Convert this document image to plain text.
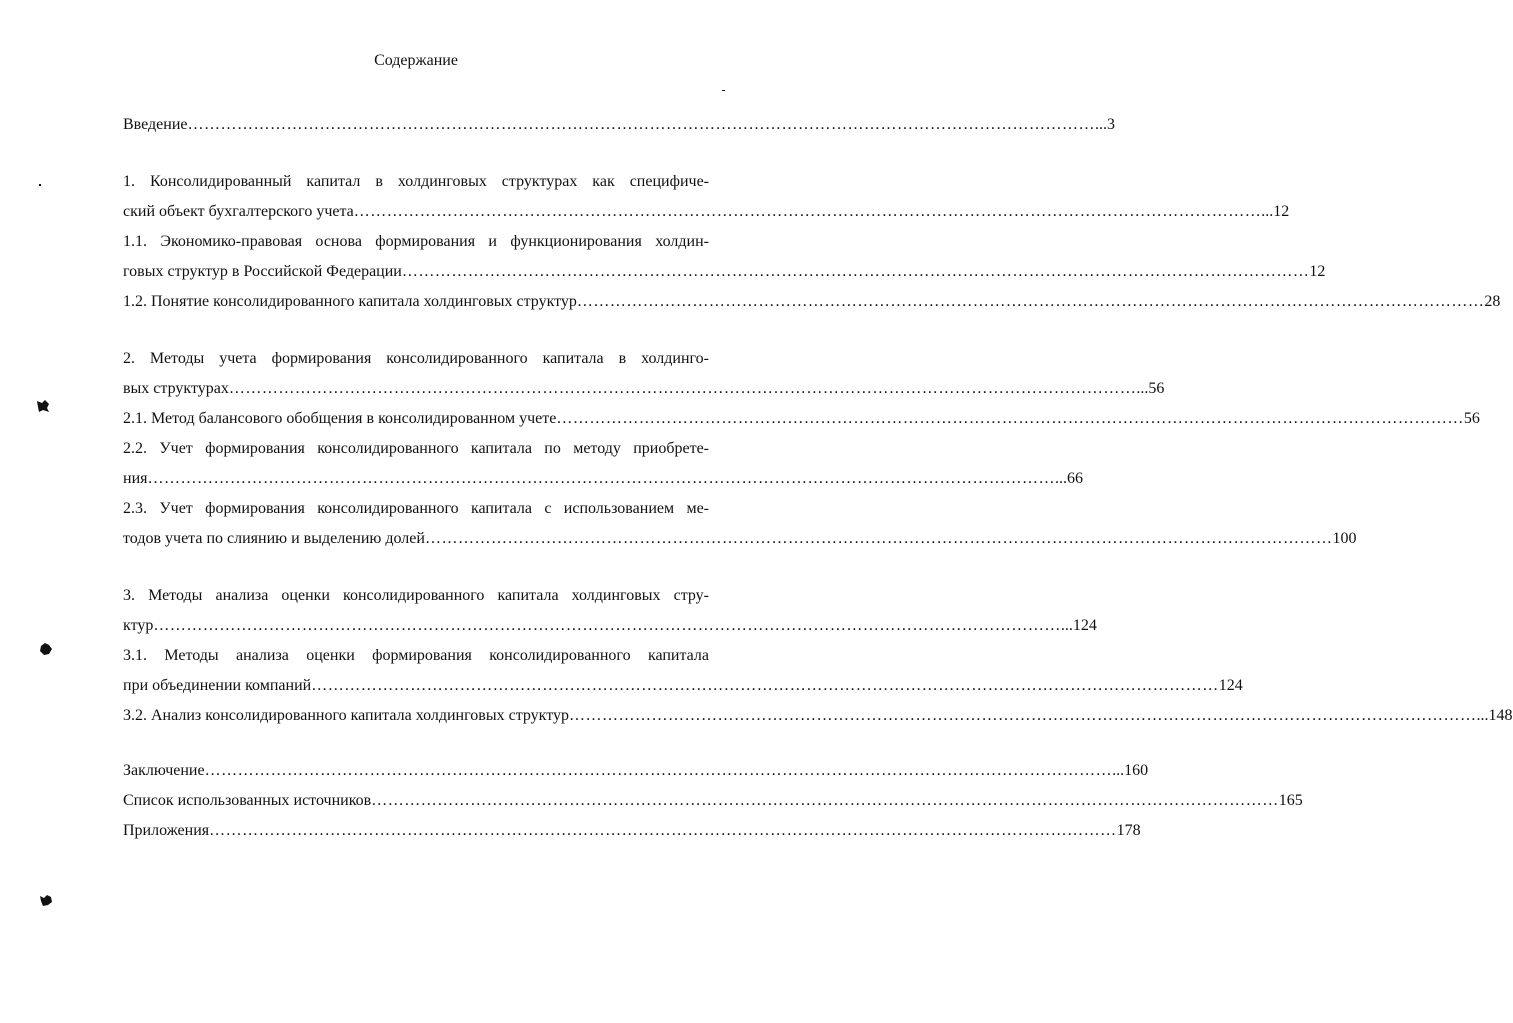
Содержание
Введение ………………………………………………………………………………………………………………………………………………… ...3
1. Консолидированный капитал в холдинговых структурах как специфиче-
ский объект бухгалтерского учета ………………………………………………………………………………………………………………………………………………… ...12
1.1. Экономико-правовая основа формирования и функционирования холдин-
говых структур в Российской Федерации ………………………………………………………………………………………………………………………………………………… 12
1.2. Понятие консолидированного капитала холдинговых структур ………………………………………………………………………………………………………………………………………………… 28
2. Методы учета формирования консолидированного капитала в холдинго-
вых структурах ………………………………………………………………………………………………………………………………………………… ...56
2.1. Метод балансового обобщения в консолидированном учете ………………………………………………………………………………………………………………………………………………… 56
2.2. Учет формирования консолидированного капитала по методу приобрете-
ния ………………………………………………………………………………………………………………………………………………… ...66
2.3. Учет формирования консолидированного капитала с использованием ме-
тодов учета по слиянию и выделению долей ………………………………………………………………………………………………………………………………………………… 100
3. Методы анализа оценки консолидированного капитала холдинговых стру-
ктур ………………………………………………………………………………………………………………………………………………… ...124
3.1. Методы анализа оценки формирования консолидированного капитала
при объединении компаний ………………………………………………………………………………………………………………………………………………… 124
3.2. Анализ консолидированного капитала холдинговых структур ………………………………………………………………………………………………………………………………………………… ...148
Заключение ………………………………………………………………………………………………………………………………………………… ...160
Список использованных источников ………………………………………………………………………………………………………………………………………………… 165
Приложения ………………………………………………………………………………………………………………………………………………… 178
